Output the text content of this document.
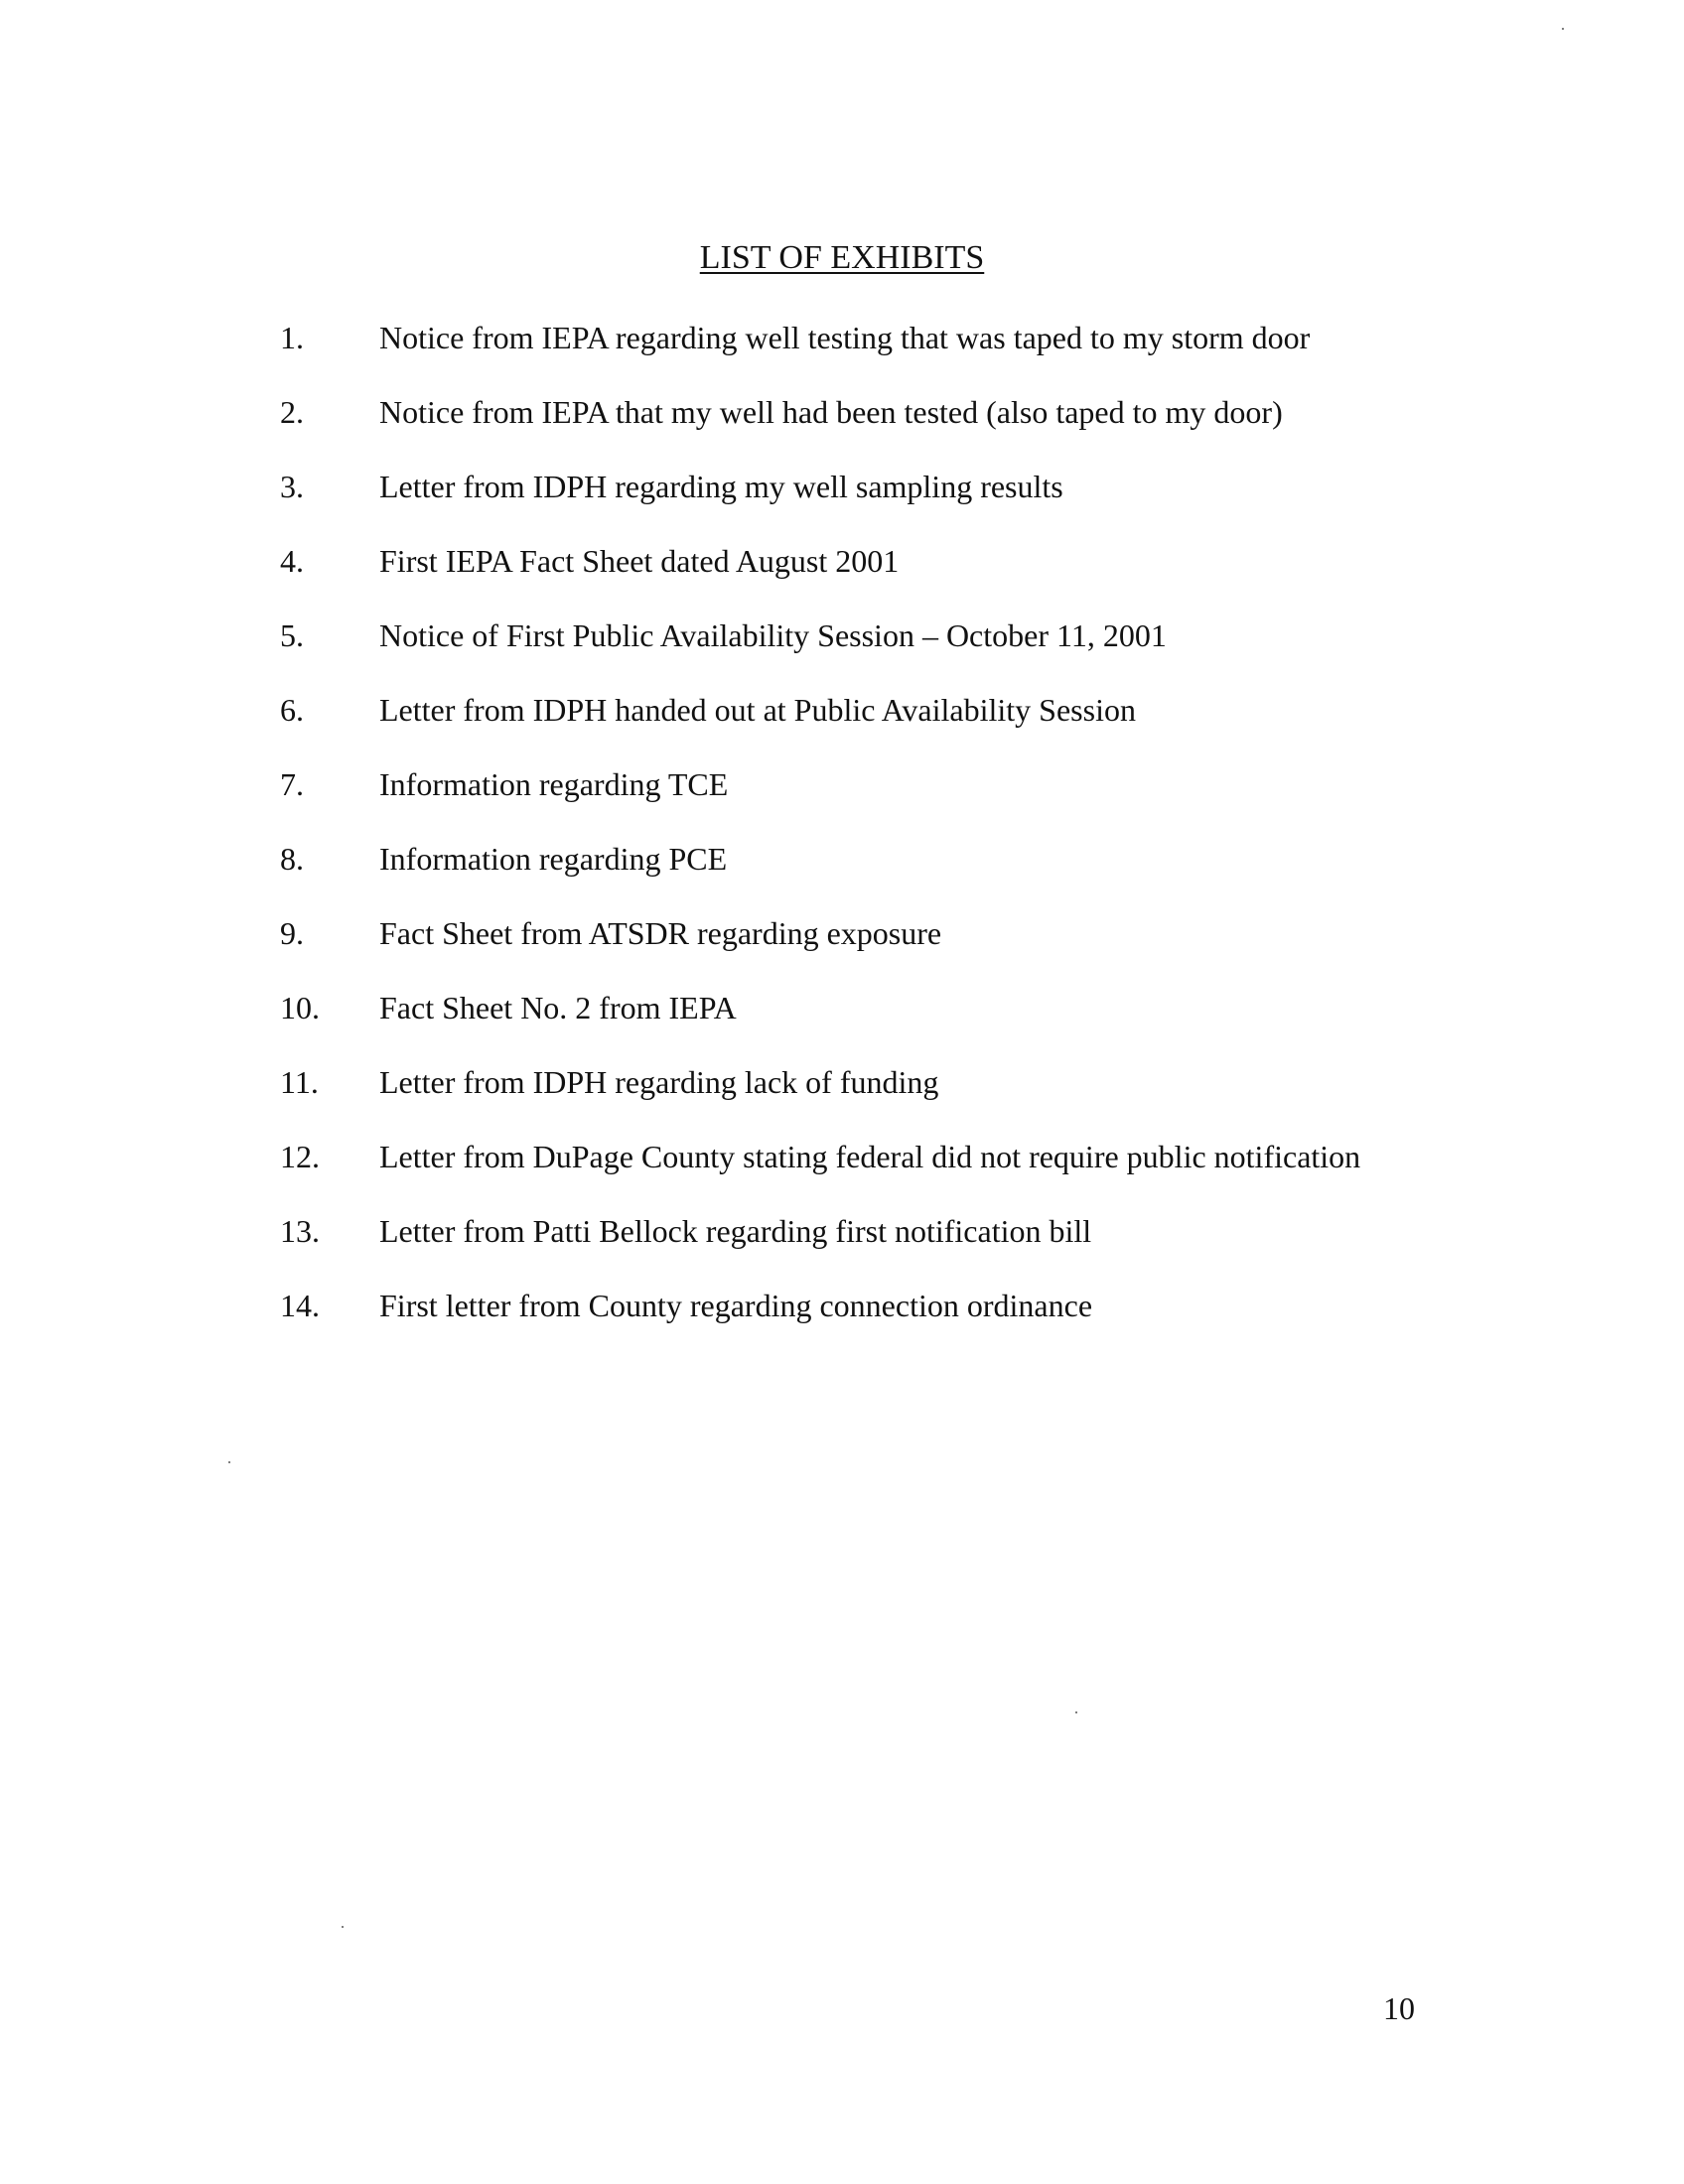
LIST OF EXHIBITS
1. Notice from IEPA regarding well testing that was taped to my storm door
2. Notice from IEPA that my well had been tested (also taped to my door)
3. Letter from IDPH regarding my well sampling results
4. First IEPA Fact Sheet dated August 2001
5. Notice of First Public Availability Session – October 11, 2001
6. Letter from IDPH handed out at Public Availability Session
7. Information regarding TCE
8. Information regarding PCE
9. Fact Sheet from ATSDR regarding exposure
10. Fact Sheet No. 2 from IEPA
11. Letter from IDPH regarding lack of funding
12. Letter from DuPage County stating federal did not require public notification
13. Letter from Patti Bellock regarding first notification bill
14. First letter from County regarding connection ordinance
10
